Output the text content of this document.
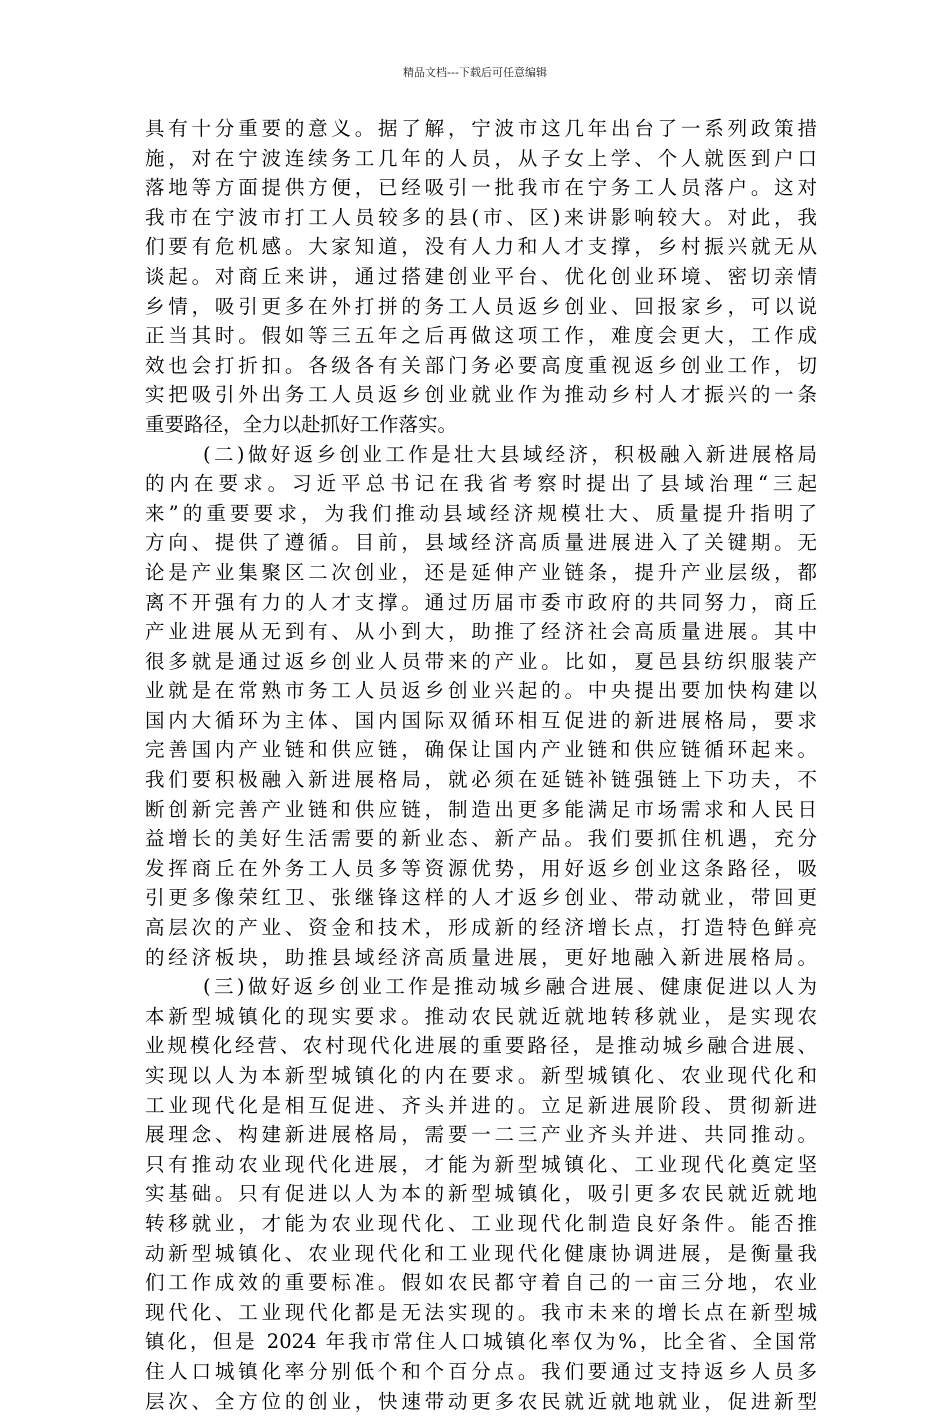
精品文档---下载后可任意编辑
具有十分重要的意义。据了解，宁波市这几年出台了一系列政策措
施，对在宁波连续务工几年的人员，从子女上学、个人就医到户口
落地等方面提供方便，已经吸引一批我市在宁务工人员落户。这对
我市在宁波市打工人员较多的县(市、区)来讲影响较大。对此，我
们要有危机感。大家知道，没有人力和人才支撑，乡村振兴就无从
谈起。对商丘来讲，通过搭建创业平台、优化创业环境、密切亲情
乡情，吸引更多在外打拼的务工人员返乡创业、回报家乡，可以说
正当其时。假如等三五年之后再做这项工作，难度会更大，工作成
效也会打折扣。各级各有关部门务必要高度重视返乡创业工作，切
实把吸引外出务工人员返乡创业就业作为推动乡村人才振兴的一条
重要路径，全力以赴抓好工作落实。
(二)做好返乡创业工作是壮大县域经济，积极融入新进展格局
的内在要求。习近平总书记在我省考察时提出了县域治理“三起
来”的重要要求，为我们推动县域经济规模壮大、质量提升指明了
方向、提供了遵循。目前，县域经济高质量进展进入了关键期。无
论是产业集聚区二次创业，还是延伸产业链条，提升产业层级，都
离不开强有力的人才支撑。通过历届市委市政府的共同努力，商丘
产业进展从无到有、从小到大，助推了经济社会高质量进展。其中
很多就是通过返乡创业人员带来的产业。比如，夏邑县纺织服装产
业就是在常熟市务工人员返乡创业兴起的。中央提出要加快构建以
国内大循环为主体、国内国际双循环相互促进的新进展格局，要求
完善国内产业链和供应链，确保让国内产业链和供应链循环起来。
我们要积极融入新进展格局，就必须在延链补链强链上下功夫，不
断创新完善产业链和供应链，制造出更多能满足市场需求和人民日
益增长的美好生活需要的新业态、新产品。我们要抓住机遇，充分
发挥商丘在外务工人员多等资源优势，用好返乡创业这条路径，吸
引更多像荣红卫、张继锋这样的人才返乡创业、带动就业，带回更
高层次的产业、资金和技术，形成新的经济增长点，打造特色鲜亮
的经济板块，助推县域经济高质量进展，更好地融入新进展格局。
(三)做好返乡创业工作是推动城乡融合进展、健康促进以人为
本新型城镇化的现实要求。推动农民就近就地转移就业，是实现农
业规模化经营、农村现代化进展的重要路径，是推动城乡融合进展、
实现以人为本新型城镇化的内在要求。新型城镇化、农业现代化和
工业现代化是相互促进、齐头并进的。立足新进展阶段、贯彻新进
展理念、构建新进展格局，需要一二三产业齐头并进、共同推动。
只有推动农业现代化进展，才能为新型城镇化、工业现代化奠定坚
实基础。只有促进以人为本的新型城镇化，吸引更多农民就近就地
转移就业，才能为农业现代化、工业现代化制造良好条件。能否推
动新型城镇化、农业现代化和工业现代化健康协调进展，是衡量我
们工作成效的重要标准。假如农民都守着自己的一亩三分地，农业
现代化、工业现代化都是无法实现的。我市未来的增长点在新型城
镇化，但是 2024 年我市常住人口城镇化率仅为%，比全省、全国常
住人口城镇化率分别低个和个百分点。我们要通过支持返乡人员多
层次、全方位的创业，快速带动更多农民就近就地就业，促进新型
